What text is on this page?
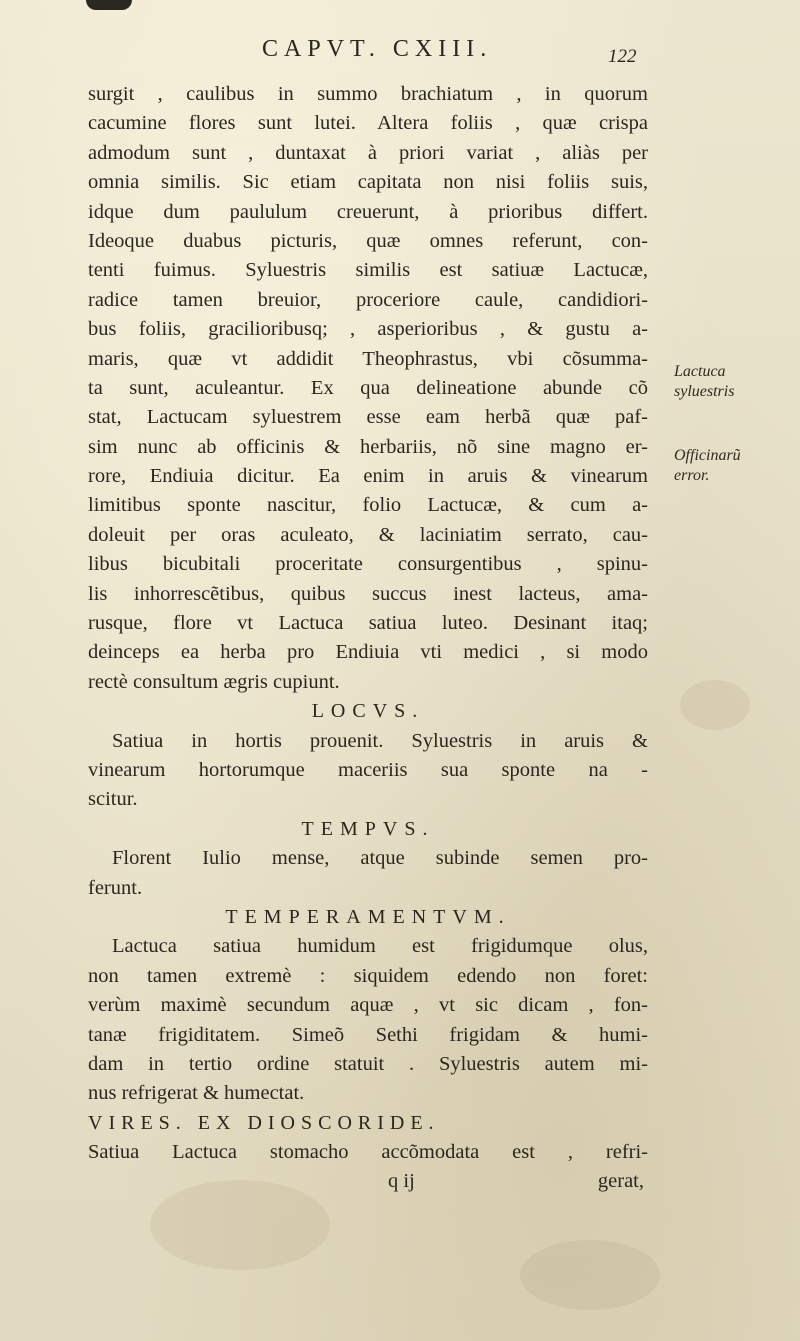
CAPVT. CXIII.	122
surgit , caulibus in summo brachiatum , in quorum
cacumine flores sunt lutei. Altera foliis , quæ crispa
admodum sunt , duntaxat à priori variat , aliàs per
omnia similis. Sic etiam capitata non nisi foliis suis,
idque dum paululum creuerunt, à prioribus differt.
Ideoque duabus picturis, quæ omnes referunt, con-
tenti fuimus. Syluestris similis est satiuæ Lactucæ,
radice tamen breuior, proceriore caule, candidiori-
bus foliis, gracilioribusq; , asperioribus , & gustu a-
maris, quæ vt addidit Theophrastus, vbi cõsumma-
ta sunt, aculeantur. Ex qua delineatione abunde cõ
stat, Lactucam syluestrem esse eam herbã quæ paf-
sim nunc ab officinis & herbariis, nõ sine magno er-
rore, Endiuia dicitur. Ea enim in aruis & vinearum
limitibus sponte nascitur, folio Lactucæ, & cum a-
doleuit per oras aculeato, & laciniatim serrato, cau-
libus bicubitali proceritate consurgentibus , spinu-
lis inhorrescẽtibus, quibus succus inest lacteus, ama-
rusque, flore vt Lactuca satiua luteo. Desinant itaq;
deinceps ea herba pro Endiuia vti medici , si modo
rectè consultum ægris cupiunt.
LOCVS.
Satiua in hortis prouenit. Syluestris in aruis &
vinearum hortorumque maceriis sua sponte na -
scitur.
TEMPVS.
Florent Iulio mense, atque subinde semen pro-
ferunt.
TEMPERAMENTVM.
Lactuca satiua humidum est frigidumque olus,
non tamen extremè : siquidem edendo non foret:
verùm maximè secundum aquæ , vt sic dicam , fon-
tanæ frigiditatem. Simeõ Sethi frigidam & humi-
dam in tertio ordine statuit . Syluestris autem mi-
nus refrigerat & humectat.
VIRES. EX DIOSCORIDE.
Satiua Lactuca stomacho accõmodata est , refri-
q ij	gerat,
Lactuca
syluestris
Officinarũ
error.
